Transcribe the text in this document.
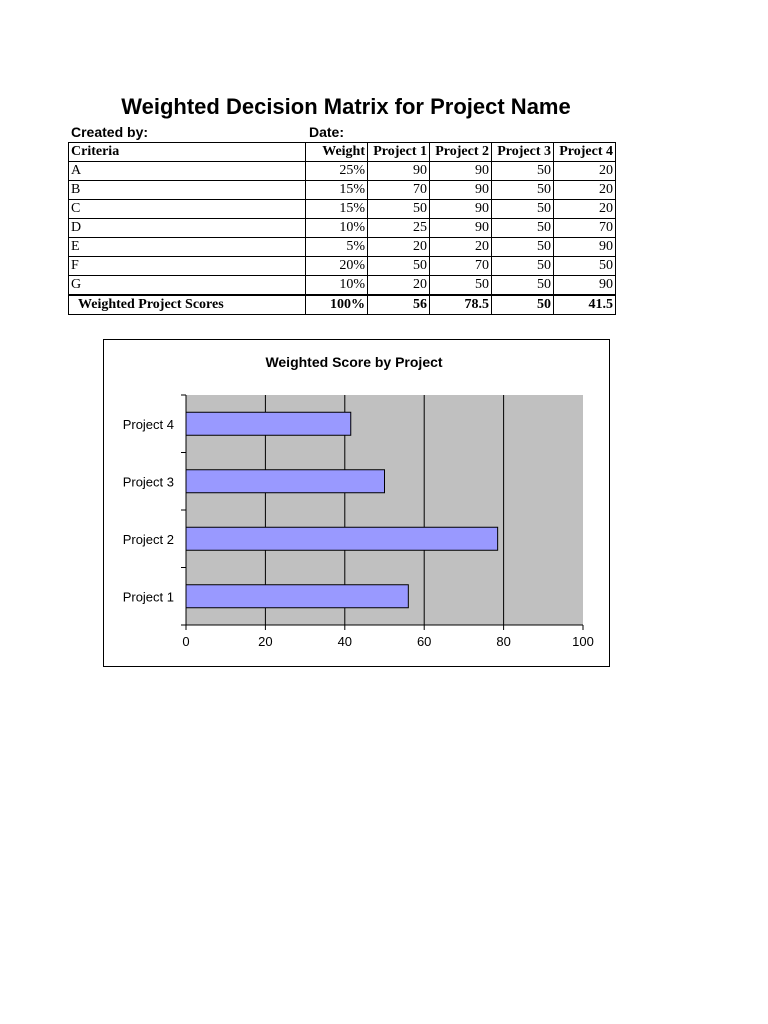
Weighted Decision Matrix for Project Name
Created by:	Date:
Criteria	Weight	Project 1	Project 2	Project 3	Project 4
A	25%	90	90	50	20
B	15%	70	90	50	20
C	15%	50	90	50	20
D	10%	25	90	50	70
E	5%	20	20	50	90
F	20%	50	70	50	50
G	10%	20	50	50	90
Weighted Project Scores	100%	56	78.5	50	41.5
Weighted Score by Project
0	20	40	60	80	100
Project 1
Project 2
Project 3
Project 4
